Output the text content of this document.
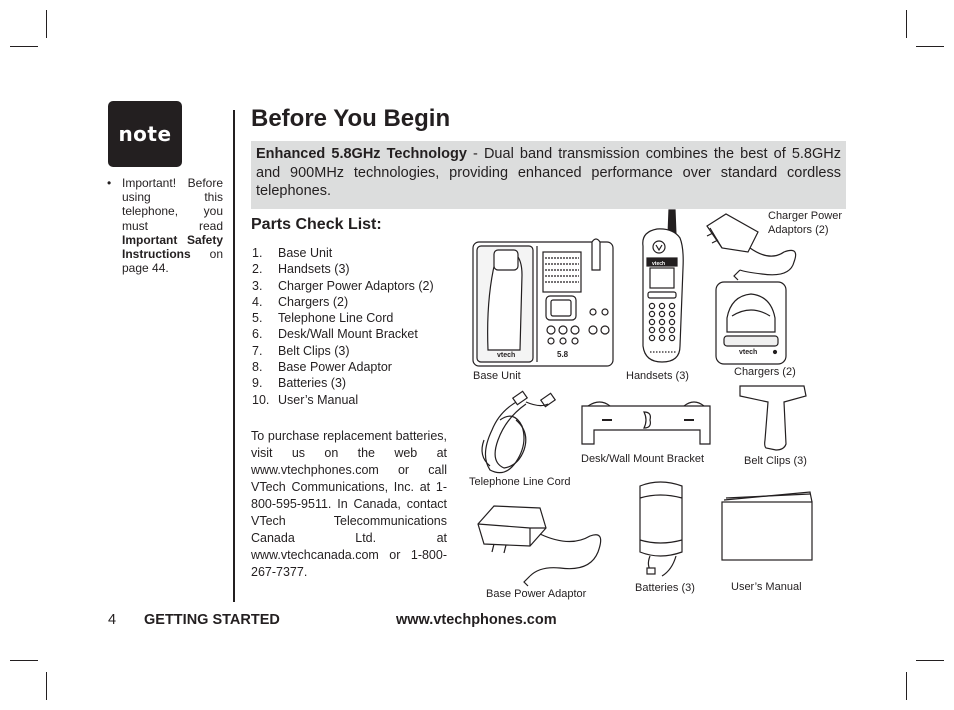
note
• Important! Before using this telephone, you must read Important Safety Instructions on page 44.
Before You Begin
Enhanced 5.8GHz Technology - Dual band transmission combines the best of 5.8GHz and 900MHz technologies, providing enhanced performance over standard cordless telephones.
Parts Check List:
1. Base Unit
2. Handsets (3)
3. Charger Power Adaptors (2)
4. Chargers (2)
5. Telephone Line Cord
6. Desk/Wall Mount Bracket
7. Belt Clips (3)
8. Base Power Adaptor
9. Batteries (3)
10. User’s Manual

To purchase replacement batteries, visit us on the web at www.vtechphones.com or call VTech Communications, Inc. at 1-800-595-9511. In Canada, contact VTech Telecommunications Canada Ltd. at www.vtechcanada.com or 1-800-267-7377.

vtech	5.8
vtech
vtech
Base Unit	Handsets (3)
Charger Power
Adaptors (2)
Chargers (2)
Telephone Line Cord
Desk/Wall Mount Bracket	Belt Clips (3)
Base Power Adaptor	Batteries (3)	User’s Manual
4 GETTING STARTED	www.vtechphones.com
